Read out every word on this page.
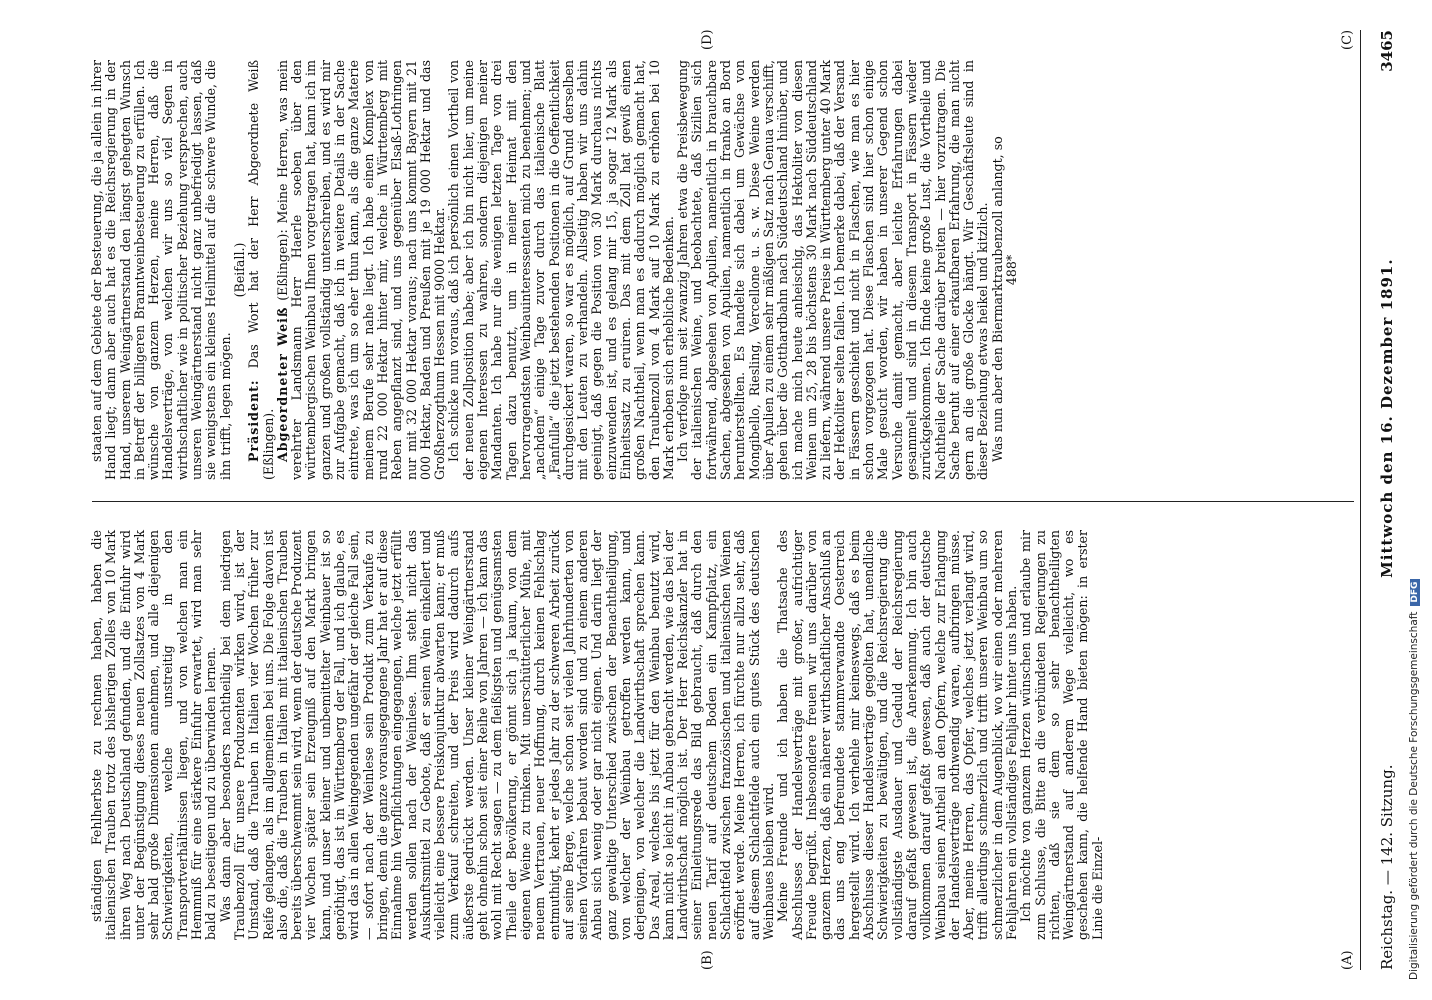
Reichstag. — 142. Sitzung.
Mittwoch den 16. Dezember 1891.
3465
(A)
(B)
(C)
(D)

ständigen Fehlherbste zu rechnen haben, haben die italienischen Trauben trotz des bisherigen Zolles von 10 Mark ihren Weg nach Deutschland gefunden, und die Einfuhr wird unter der Begünstigung dieses neuen Zollsatzes von 4 Mark sehr bald große Dimensionen annehmen, und alle diejenigen Schwierigkeiten, welche unstreitig in den Transportverhältnissen liegen, und von welchen man ein Hemmniß für eine stärkere Einfuhr erwartet, wird man sehr bald zu beseitigen und zu überwinden lernen. Was dann aber besonders nachtheilig bei dem niedrigen Traubenzoll für unsere Produzenten wirken wird, ist der Umstand, daß die Trauben in Italien vier Wochen früher zur Reife gelangen, als im allgemeinen bei uns. Die Folge davon ist also die, daß die Trauben in Italien mit italienischen Trauben bereits überschwemmt sein wird, wenn der deutsche Produzent vier Wochen später sein Erzeugniß auf den Markt bringen kann, und unser kleiner und unbemittelter Weinbauer ist so genöthigt, das ist in Württemberg der Fall, und ich glaube, es wird das in allen Weingegenden ungefähr der gleiche Fall sein, — sofort nach der Weinlese sein Produkt zum Verkaufe zu bringen, denn die ganze vorausgegangene Jahr hat er auf diese Einnahme hin Verpflichtungen eingegangen, welche jetzt erfüllt werden sollen nach der Weinlese. Ihm steht nicht das Auskunftsmittel zu Gebote, daß er seinen Wein einkellert und vielleicht eine bessere Preiskonjunktur abwarten kann; er muß zum Verkauf schreiten, und der Preis wird dadurch aufs äußerste gedrückt werden. Unser kleiner Weingärtnerstand geht ohnehin schon seit einer Reihe von Jahren — ich kann das wohl mit Recht sagen — zu dem fleißigsten und genügsamsten Theile der Bevölkerung, er gönnt sich ja kaum, von dem eigenen Weine zu trinken. Mit unerschütterlicher Mühe, mit neuem Vertrauen, neuer Hoffnung, durch keinen Fehlschlag entmuthigt, kehrt er jedes Jahr zu der schweren Arbeit zurück auf seine Berge, welche schon seit vielen Jahrhunderten von seinen Vorfahren bebaut worden sind und zu einem anderen Anbau sich wenig oder gar nicht eignen. Und darin liegt der ganz gewaltige Unterschied zwischen der Benachtheiligung, von welcher der Weinbau getroffen werden kann, und derjenigen, von welcher die Landwirthschaft sprechen kann. Das Areal, welches bis jetzt für den Weinbau benutzt wird, kann nicht so leicht in Anbau gebracht werden, wie das bei der Landwirthschaft möglich ist. Der Herr Reichskanzler hat in seiner Einleitungsrede das Bild gebraucht, daß durch den neuen Tarif auf deutschem Boden ein Kampfplatz, ein Schlachtfeld zwischen französischen und italienischen Weinen eröffnet werde. Meine Herren, ich fürchte nur allzu sehr, daß auf diesem Schlachtfelde auch ein gutes Stück des deutschen Weinbaues bleiben wird. Meine Freunde und ich haben die Thatsache des Abschlusses der Handelsverträge mit großer, aufrichtiger Freude begrüßt. Insbesondere freuen wir uns darüber von ganzem Herzen, daß ein näherer wirthschaftlicher Anschluß an das uns eng befreundete stammverwandte Oesterreich hergestellt wird. Ich verhehle mir keineswegs, daß es beim Abschlusse dieser Handelsverträge gegolten hat, unendliche Schwierigkeiten zu bewältigen, und die Reichsregierung die vollständigste Ausdauer und Geduld der Reichsregierung darauf gefaßt gewesen ist, die Anerkennung. Ich bin auch vollkommen darauf gefaßt gewesen, daß auch der deutsche Weinbau seinen Antheil an den Opfern, welche zur Erlangung der Handelsverträge nothwendig waren, aufbringen müsse. Aber, meine Herren, das Opfer, welches jetzt verlangt wird, trifft allerdings schmerzlich und trifft unseren Weinbau um so schmerzlicher in dem Augenblick, wo wir einen oder mehreren Fehljahren ein vollständiges Fehljahr hinter uns haben. Ich möchte von ganzem Herzen wünschen und erlaube mir zum Schlusse, die Bitte an die verbündeten Regierungen zu richten, daß sie dem so sehr benachtheiligten Weingärtnerstand auf anderem Wege vielleicht, wo es geschehen kann, die helfende Hand bieten mögen: in erster Linie die Einzel-

staaten auf dem Gebiete der Besteuerung, die ja allein in ihrer Hand liegt; dann aber auch hat es die Reichsregierung in der Hand, unserem Weingärtnerstand den längst gehegten Wunsch in Betreff der billigeren Branntweinbesteuerung zu erfüllen. Ich wünsche von ganzem Herzen, meine Herren, daß die Handelsverträge, von welchen wir uns so viel Segen in wirthschaftlicher wie in politischer Beziehung versprechen, auch unseren Weingärtnerstand nicht ganz unbefriedigt lassen, daß sie wenigstens ein kleines Heilmittel auf die schwere Wunde, die ihn trifft, legen mögen.

(Beifall.)

Präsident: Das Wort hat der Herr Abgeordnete Weiß (Eßlingen). Abgeordneter Weiß (Eßlingen): Meine Herren, was mein verehrter Landsmann Herr Haerle soeben über den württembergischen Weinbau Ihnen vorgetragen hat, kann ich im ganzen und großen vollständig unterschreiben, und es wird mir zur Aufgabe gemacht, daß ich in weitere Details in der Sache eintrete, was ich um so eher thun kann, als die ganze Materie meinem Berufe sehr nahe liegt. Ich habe einen Komplex von rund 22 000 Hektar hinter mir, welche in Württemberg mit Reben angepflanzt sind, und uns gegenüber Elsaß-Lothringen nur mit 32 000 Hektar voraus; nach uns kommt Bayern mit 21 000 Hektar, Baden und Preußen mit je 19 000 Hektar und das Großherzogthum Hessen mit 9000 Hektar. Ich schicke nun voraus, daß ich persönlich einen Vortheil von der neuen Zollposition habe; aber ich bin nicht hier, um meine eigenen Interessen zu wahren, sondern diejenigen meiner Mandanten. Ich habe nur die wenigen letzten Tage von drei Tagen dazu benutzt, um in meiner Heimat mit den hervorragendsten Weinbauinteressenten mich zu benehmen; und „nachdem“ einige Tage zuvor durch das italienische Blatt „Fanfulla“ die jetzt bestehenden Positionen in die Oeffentlichkeit durchgesickert waren, so war es möglich, auf Grund derselben mit den Leuten zu verhandeln. Allseitig haben wir uns dahin geeinigt, daß gegen die Position von 30 Mark durchaus nichts einzuwenden ist, und es gelang mir 15, ja sogar 12 Mark als Einheitssatz zu eruiren. Das mit dem Zoll hat gewiß einen großen Nachtheil, wenn man es dadurch möglich gemacht hat, den Traubenzoll von 4 Mark auf 10 Mark zu erhöhen bei 10 Mark erhoben sich erhebliche Bedenken. Ich verfolge nun seit zwanzig Jahren etwa die Preisbewegung der italienischen Weine, und beobachtete, daß Sizilien sich fortwährend, abgesehen von Apulien, namentlich in brauchbare Sachen, abgesehen von Apulien, namentlich in franko an Bord herunterstellten. Es handelte sich dabei um Gewächse von Mongibello, Riesling, Vercellone u. s. w. Diese Weine werden über Apulien zu einem sehr mäßigen Satz nach Genua verschifft, gehen über die Gotthardbahn nach Süddeutschland hinüber, und ich mache mich heute anheischig, das Hektoliter von diesen Weinen um 25, 28 bis höchstens 30 Mark nach Süddeutschland zu liefern, während unsere Preise in Württemberg unter 40 Mark der Hektoliter selten fallen. Ich bemerke dabei, daß der Versand in Fässern geschieht und nicht in Flaschen, wie man es hier schon vorgezogen hat. Diese Flaschen sind hier schon einige Male gesucht worden, wir haben in unserer Gegend schon Versuche damit gemacht, aber leichte Erfahrungen dabei gesammelt und sind in diesem Transport in Fässern wieder zurückgekommen. Ich finde keine große Lust, die Vortheile und Nachtheile der Sache darüber breiten — hier vorzutragen. Die Sache beruht auf einer erkaufbaren Erfahrung, die man nicht gern an die große Glocke hängt. Wir Geschäftsleute sind in dieser Beziehung etwas heikel und kitzlich. Was nun aber den Biermarktraubenzoll anlangt, so 488*

Digitalisierung gefördert durch die Deutsche ForschungsgemeinschaftDFG
